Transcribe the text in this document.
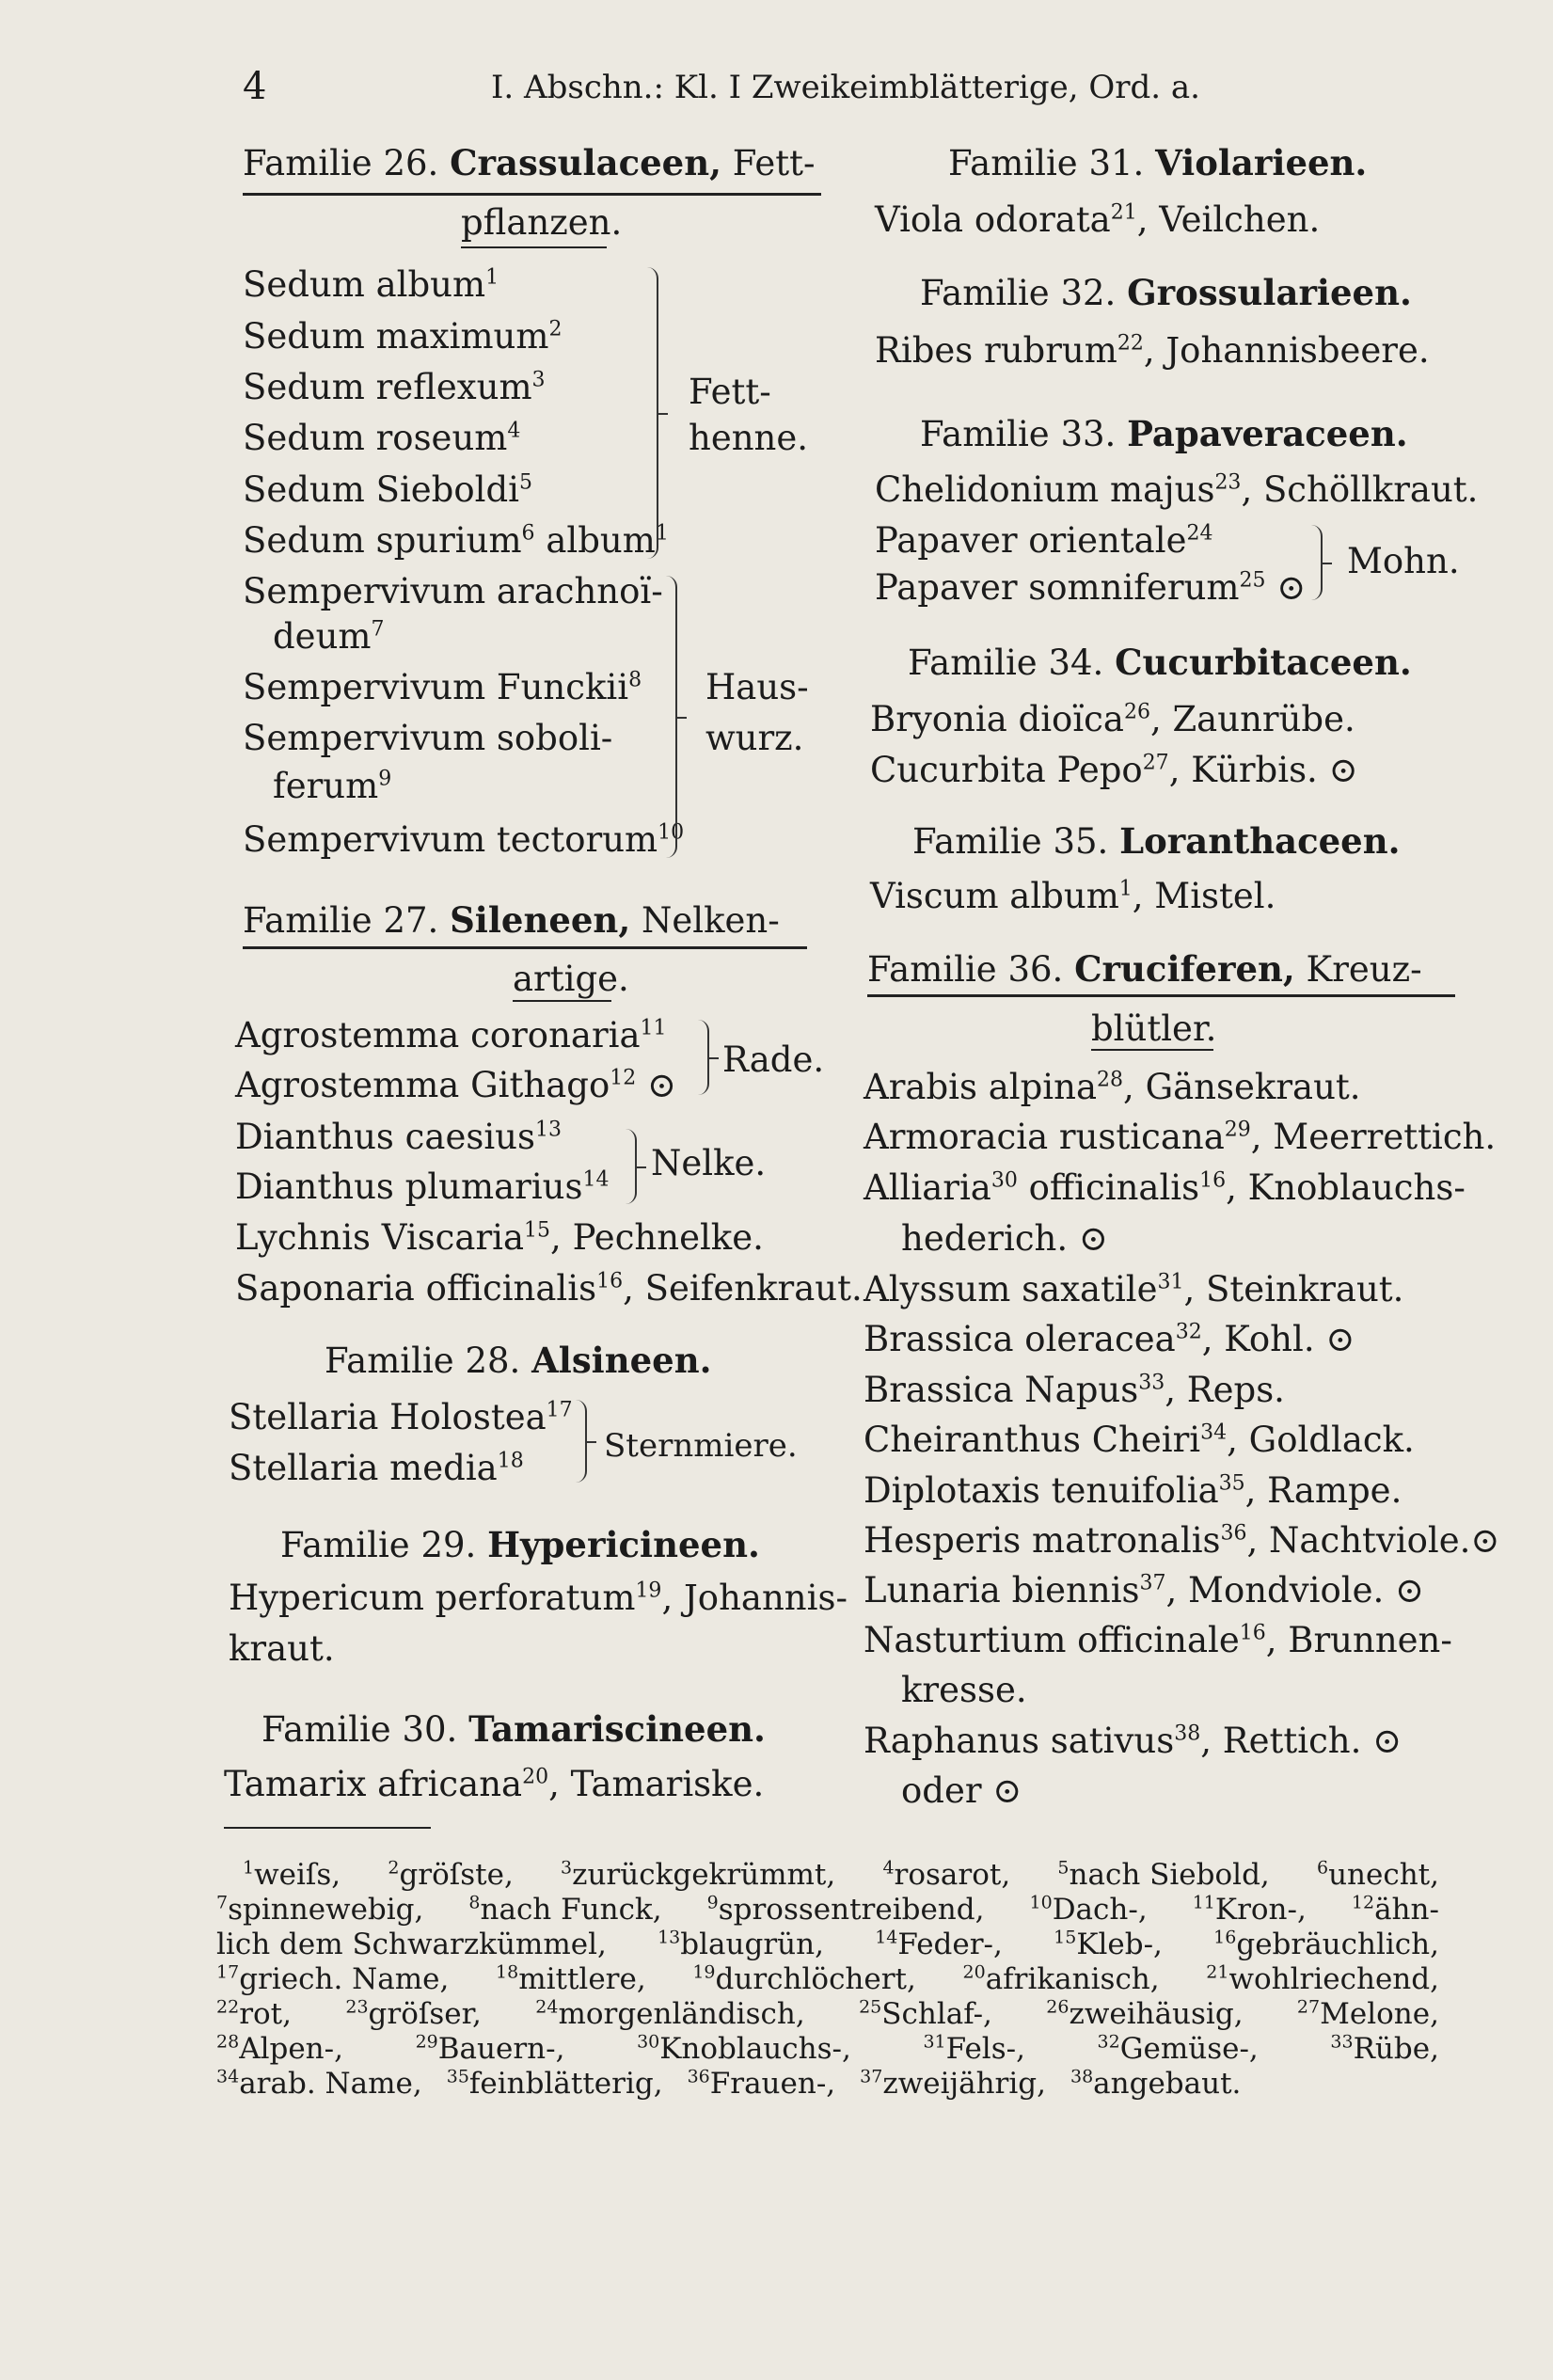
4	I. Abschn.: Kl. I Zweikeimblätterige, Ord. a.
Familie 26. Crassulaceen, Fett-
pflanzen.
Sedum album$^1$
Sedum maximum$^2$
Sedum reflexum$^3$
Sedum roseum$^4$
Sedum Sieboldi$^5$
Sedum spurium$^6$ album$^1$
Fett-
henne.
Sempervivum arachnoï-
deum$^7$
Sempervivum Funckii$^8$
Sempervivum soboli-
ferum$^9$
Sempervivum tectorum$^{10}$
Haus-
wurz.
Familie 27. Sileneen, Nelken-
artige.
Agrostemma coronaria$^{11}$
Agrostemma Githago$^{12}$ ⊙
Rade.
Dianthus caesius$^{13}$
Dianthus plumarius$^{14}$ Nelke.
Lychnis Viscaria$^{15}$, Pechnelke.
Saponaria officinalis$^{16}$, Seifenkraut.
Familie 28. Alsineen.
Stellaria Holostea$^{17}$
Stellaria media$^{18}$	Sternmiere.
Familie 29. Hypericineen.
Hypericum perforatum$^{19}$, Johannis-
kraut.
Familie 30. Tamariscineen.
Tamarix africana$^{20}$, Tamariske.
Familie 31. Violarieen.
Viola odorata$^{21}$, Veilchen.
Familie 32. Grossularieen.
Ribes rubrum$^{22}$, Johannisbeere.
Familie 33. Papaveraceen.
Chelidonium majus$^{23}$, Schöllkraut.
Papaver orientale$^{24}$
Papaver somniferum$^{25}$ ⊙
Mohn.
Familie 34. Cucurbitaceen.
Bryonia dioïca$^{26}$, Zaunrübe.
Cucurbita Pepo$^{27}$, Kürbis. ⊙
Familie 35. Loranthaceen.
Viscum album$^1$, Mistel.
Familie 36. Cruciferen, Kreuz-
blütler.
Arabis alpina$^{28}$, Gänsekraut.
Armoracia rusticana$^{29}$, Meerrettich.
Alliaria$^{30}$ officinalis$^{16}$, Knoblauchs-
hederich. ⊙
Alyssum saxatile$^{31}$, Steinkraut.
Brassica oleracea$^{32}$, Kohl. ⊙
Brassica Napus$^{33}$, Reps.
Cheiranthus Cheiri$^{34}$, Goldlack.
Diplotaxis tenuifolia$^{35}$, Rampe.
Hesperis matronalis$^{36}$, Nachtviole.⊙
Lunaria biennis$^{37}$, Mondviole. ⊙
Nasturtium officinale$^{16}$, Brunnen-
kresse.
Raphanus sativus$^{38}$, Rettich. ⊙
oder ⊙
$^1$weiſs,	$^2$gröſste,	$^3$zurückgekrümmt,	$^4$rosarot,	$^5$nach Siebold,	$^6$unecht,
$^7$spinnewebig,	$^8$nach Funck,	$^9$sprossentreibend,	$^{10}$Dach-,	$^{11}$Kron-,	$^{12}$ähn-
lich dem Schwarzkümmel,	$^{13}$blaugrün,	$^{14}$Feder-,	$^{15}$Kleb-,	$^{16}$gebräuchlich,
$^{17}$griech. Name,	$^{18}$mittlere,	$^{19}$durchlöchert,	$^{20}$afrikanisch,	$^{21}$wohlriechend,
$^{22}$rot,	$^{23}$gröſser,	$^{24}$morgenländisch,	$^{25}$Schlaf-,	$^{26}$zweihäusig,	$^{27}$Melone,
$^{28}$Alpen-,	$^{29}$Bauern-,	$^{30}$Knoblauchs-,	$^{31}$Fels-,	$^{32}$Gemüse-,	$^{33}$Rübe,
$^{34}$arab. Name, $^{35}$feinblätterig, $^{36}$Frauen-, $^{37}$zweijährig, $^{38}$angebaut.
